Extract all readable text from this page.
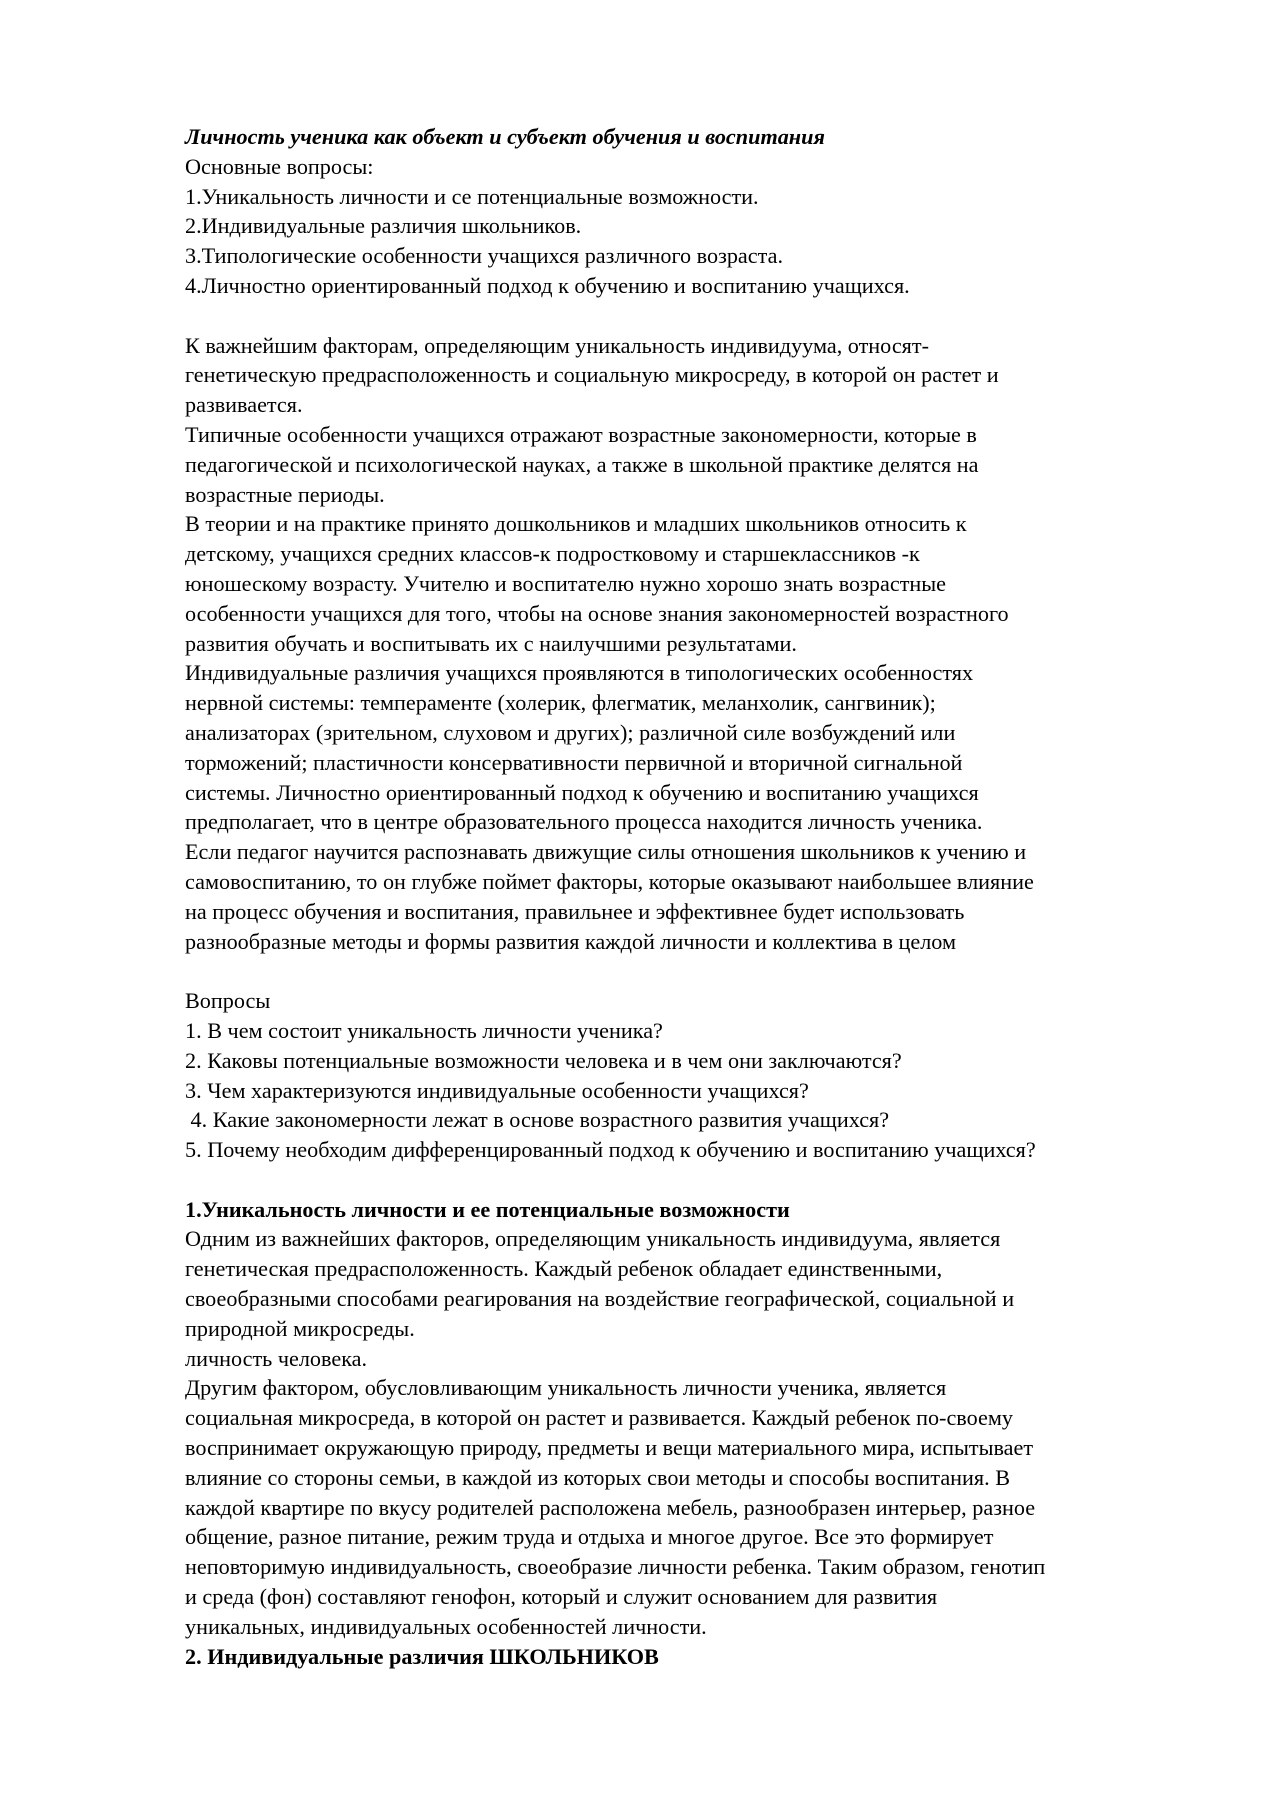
Личность ученика как объект и субъект обучения и воспитания
Основные вопросы:
1.Уникальность личности и се потенциальные возможности.
2.Индивидуальные различия школьников.
3.Типологические особенности учащихся различного возраста.
4.Личностно ориентированный подход к обучению и воспитанию учащихся.
К важнейшим факторам, определяющим уникальность индивидуума, относят-
генетическую предрасположенность и социальную микросреду, в которой он растет и
развивается.
Типичные особенности учащихся отражают возрастные закономерности, которые в
педагогической и психологической науках, а также в школьной практике делятся на
возрастные периоды.
В теории и на практике принято дошкольников и младших школьников относить к
детскому, учащихся средних классов-к подростковому и старшеклассников -к
юношескому возрасту. Учителю и воспитателю нужно хорошо знать возрастные
особенности учащихся для того, чтобы на основе знания закономерностей возрастного
развития обучать и воспитывать их с наилучшими результатами.
Индивидуальные различия учащихся проявляются в типологических особенностях
нервной системы: темпераменте (холерик, флегматик, меланхолик, сангвиник);
анализаторах (зрительном, слуховом и других); различной силе возбуждений или
торможений; пластичности консервативности первичной и вторичной сигнальной
системы. Личностно ориентированный подход к обучению и воспитанию учащихся
предполагает, что в центре образовательного процесса находится личность ученика.
Если педагог научится распознавать движущие силы отношения школьников к учению и
самовоспитанию, то он глубже поймет факторы, которые оказывают наибольшее влияние
на процесс обучения и воспитания, правильнее и эффективнее будет использовать
разнообразные методы и формы развития каждой личности и коллектива в целом
Вопросы
1. В чем состоит уникальность личности ученика?
2. Каковы потенциальные возможности человека и в чем они заключаются?
3. Чем характеризуются индивидуальные особенности учащихся?
4. Какие закономерности лежат в основе возрастного развития учащихся?
5. Почему необходим дифференцированный подход к обучению и воспитанию учащихся?
1.Уникальность личности и ее потенциальные возможности
Одним из важнейших факторов, определяющим уникальность индивидуума, является
генетическая предрасположенность. Каждый ребенок обладает единственными,
своеобразными способами реагирования на воздействие географической, социальной и
природной микросреды.
личность человека.
Другим фактором, обусловливающим уникальность личности ученика, является
социальная микросреда, в которой он растет и развивается. Каждый ребенок по-своему
воспринимает окружающую природу, предметы и вещи материального мира, испытывает
влияние со стороны семьи, в каждой из которых свои методы и способы воспитания. В
каждой квартире по вкусу родителей расположена мебель, разнообразен интерьер, разное
общение, разное питание, режим труда и отдыха и многое другое. Все это формирует
неповторимую индивидуальность, своеобразие личности ребенка. Таким образом, генотип
и среда (фон) составляют генофон, который и служит основанием для развития
уникальных, индивидуальных особенностей личности.
2. Индивидуальные различия ШКОЛЬНИКОВ
